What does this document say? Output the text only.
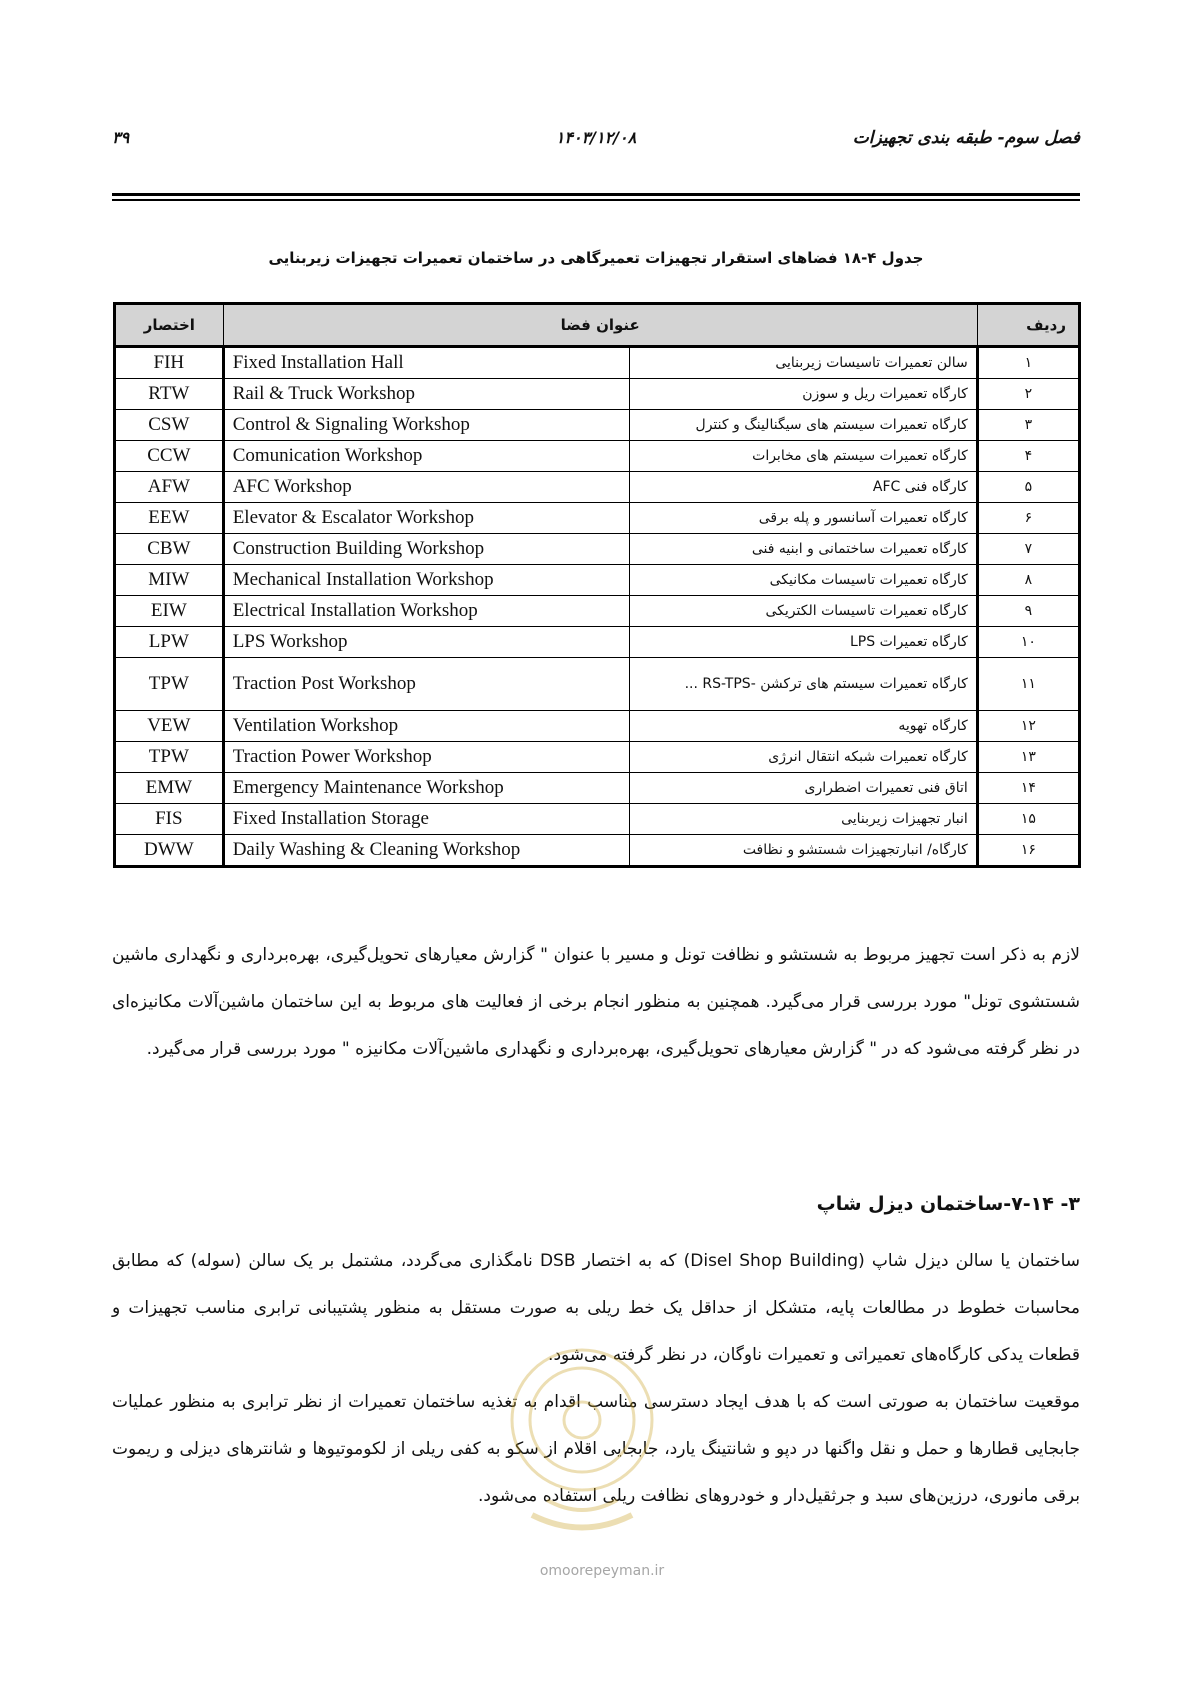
فصل سوم- طبقه بندی تجهیزات
۱۴۰۳/۱۲/۰۸
۳۹
جدول ۴-۱۸ فضاهای استقرار تجهیزات تعمیرگاهی در ساختمان تعمیرات تجهیزات زیربنایی
اختصار	عنوان فضا		ردیف
FIH	Fixed Installation Hall	سالن تعمیرات تاسیسات زیربنایی	۱
RTW	Rail & Truck Workshop	کارگاه تعمیرات ریل و سوزن	۲
CSW	Control & Signaling Workshop	کارگاه تعمیرات سیستم های سیگنالینگ و کنترل	۳
CCW	Comunication Workshop	کارگاه تعمیرات سیستم های مخابرات	۴
AFW	AFC Workshop	کارگاه فنی AFC	۵
EEW	Elevator & Escalator Workshop	کارگاه تعمیرات آسانسور و پله برقی	۶
CBW	Construction Building Workshop	کارگاه تعمیرات ساختمانی و ابنیه فنی	۷
MIW	Mechanical Installation Workshop	کارگاه تعمیرات تاسیسات مکانیکی	۸
EIW	Electrical Installation Workshop	کارگاه تعمیرات تاسیسات الکتریکی	۹
LPW	LPS Workshop	کارگاه تعمیرات LPS	۱۰
TPW	Traction Post Workshop	کارگاه تعمیرات سیستم های ترکشن -RS-TPS ...	۱۱
VEW	Ventilation Workshop	کارگاه تهویه	۱۲
TPW	Traction Power Workshop	کارگاه تعمیرات شبکه انتقال انرژی	۱۳
EMW	Emergency Maintenance Workshop	اتاق فنی تعمیرات اضطراری	۱۴
FIS	Fixed Installation Storage	انبار تجهیزات زیربنایی	۱۵
DWW	Daily Washing & Cleaning Workshop	کارگاه/ انبارتجهیزات شستشو و نظافت	۱۶

لازم به ذکر است تجهیز مربوط به شستشو و نظافت تونل و مسیر با عنوان " گزارش معیارهای تحویل‌گیری، بهره‌برداری و نگهداری ماشین شستشوی تونل" مورد بررسی قرار می‌گیرد. همچنین به منظور انجام برخی از فعالیت های مربوط به این ساختمان ماشین‌آلات مکانیزه‌ای در نظر گرفته می‌شود که در " گزارش معیارهای تحویل‌گیری، بهره‌برداری و نگهداری ماشین‌آلات مکانیزه " مورد بررسی قرار می‌گیرد.

۳- ۷-۱۴-ساختمان دیزل شاپ

ساختمان یا سالن دیزل شاپ (Disel Shop Building) که به اختصار DSB نامگذاری می‌گردد، مشتمل بر یک سالن (سوله) که مطابق محاسبات خطوط در مطالعات پایه، متشکل از حداقل یک خط ریلی به صورت مستقل به منظور پشتیبانی ترابری مناسب تجهیزات و قطعات یدکی کارگاه‌های تعمیراتی و تعمیرات ناوگان، در نظر گرفته می‌شود.

موقعیت ساختمان به صورتی است که با هدف ایجاد دسترسی مناسب اقدام به تغذیه ساختمان تعمیرات از نظر ترابری به منظور عملیات جابجایی قطارها و حمل و نقل واگنها در دپو و شانتینگ یارد، جابجایی اقلام از سکو به کفی ریلی از لکوموتیوها و شانترهای دیزلی و ریموت برقی مانوری، درزین‌های سبد و جرثقیل‌دار و خودروهای نظافت ریلی استفاده می‌شود.

omoorepeyman.ir
